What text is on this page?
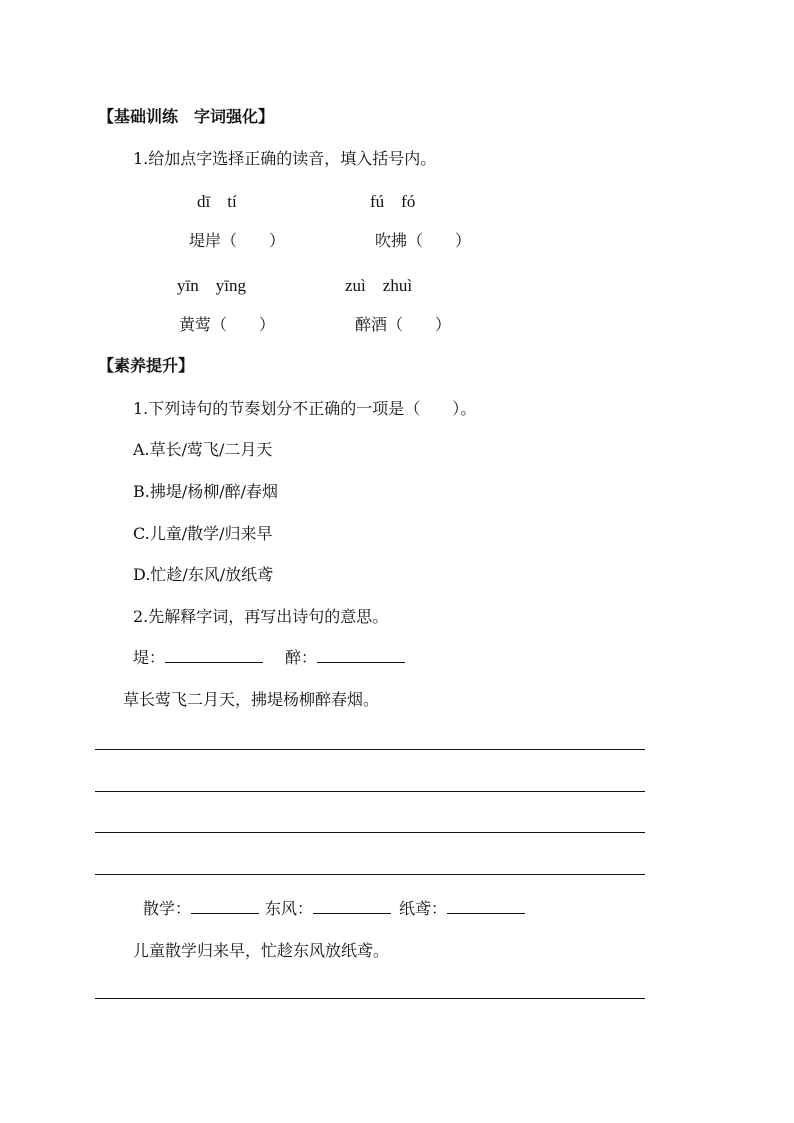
【基础训练　字词强化】
1.给加点字选择正确的读音，填入括号内。
dī　tí
堤岸（　　）
fú　fó
吹拂（　　）
yīn　yīng
黄莺（　　）
zuì　zhuì
醉酒（　　）
【素养提升】
1.下列诗句的节奏划分不正确的一项是（　　）。
A.草长/莺飞/二月天
B.拂堤/杨柳/醉/春烟
C.儿童/散学/归来早
D.忙趁/东风/放纸鸢
2.先解释字词，再写出诗句的意思。
堤：	醉：
草长莺飞二月天，拂堤杨柳醉春烟。
散学：	东风：	纸鸢：
儿童散学归来早，忙趁东风放纸鸢。
